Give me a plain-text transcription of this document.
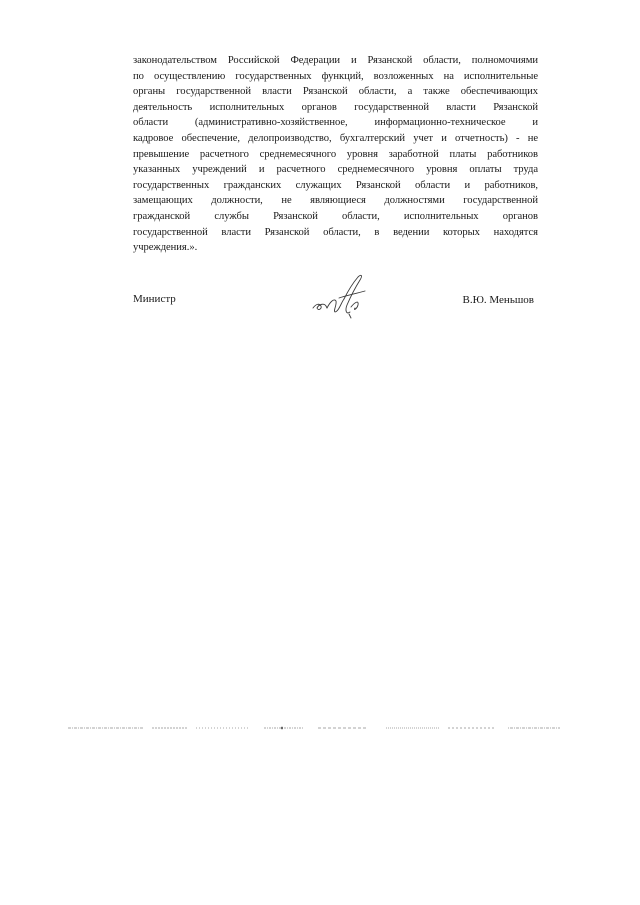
законодательством Российской Федерации и Рязанской области, полномочиями
по осуществлению государственных функций, возложенных на исполнительные
органы государственной власти Рязанской области, а также обеспечивающих
деятельность исполнительных органов государственной власти Рязанской
области (административно-хозяйственное, информационно-техническое и
кадровое обеспечение, делопроизводство, бухгалтерский учет и отчетность) - не
превышение расчетного среднемесячного уровня заработной платы работников
указанных учреждений и расчетного среднемесячного уровня оплаты труда
государственных гражданских служащих Рязанской области и работников,
замещающих должности, не являющиеся должностями государственной
гражданской службы Рязанской области, исполнительных органов
государственной власти Рязанской области, в ведении которых находятся
учреждения.».
Министр	В.Ю. Меньшов
